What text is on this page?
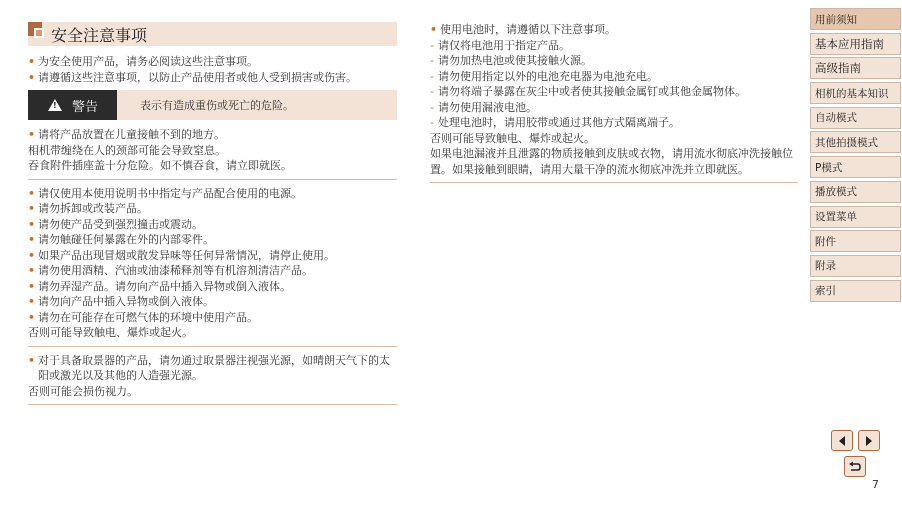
安全注意事项
• 为安全使用产品，请务必阅读这些注意事项。
• 请遵循这些注意事项，以防止产品使用者或他人受到损害或伤害。
! 警告	表示有造成重伤或死亡的危险。
• 请将产品放置在儿童接触不到的地方。
相机带缠绕在人的颈部可能会导致窒息。
吞食附件插座盖十分危险。如不慎吞食，请立即就医。
• 请仅使用本使用说明书中指定与产品配合使用的电源。
• 请勿拆卸或改装产品。
• 请勿使产品受到强烈撞击或震动。
• 请勿触碰任何暴露在外的内部零件。
• 如果产品出现冒烟或散发异味等任何异常情况，请停止使用。
• 请勿使用酒精、汽油或油漆稀释剂等有机溶剂清洁产品。
• 请勿弄湿产品。请勿向产品中插入异物或倒入液体。
• 请勿向产品中插入异物或倒入液体。
• 请勿在可能存在可燃气体的环境中使用产品。
否则可能导致触电、爆炸或起火。
• 对于具备取景器的产品，请勿通过取景器注视强光源，如晴朗天气下的太阳或激光以及其他的人造强光源。
否则可能会损伤视力。
• 使用电池时，请遵循以下注意事项。
- 请仅将电池用于指定产品。
- 请勿加热电池或使其接触火源。
- 请勿使用指定以外的电池充电器为电池充电。
- 请勿将端子暴露在灰尘中或者使其接触金属钉或其他金属物体。
- 请勿使用漏液电池。
- 处理电池时，请用胶带或通过其他方式隔离端子。
否则可能导致触电、爆炸或起火。
如果电池漏液并且泄露的物质接触到皮肤或衣物，请用流水彻底冲洗接触位置。如果接触到眼睛，请用大量干净的流水彻底冲洗并立即就医。
用前须知
基本应用指南
高级指南
相机的基本知识
自动模式
其他拍摄模式
P模式
播放模式
设置菜单
附件
附录
索引
7
